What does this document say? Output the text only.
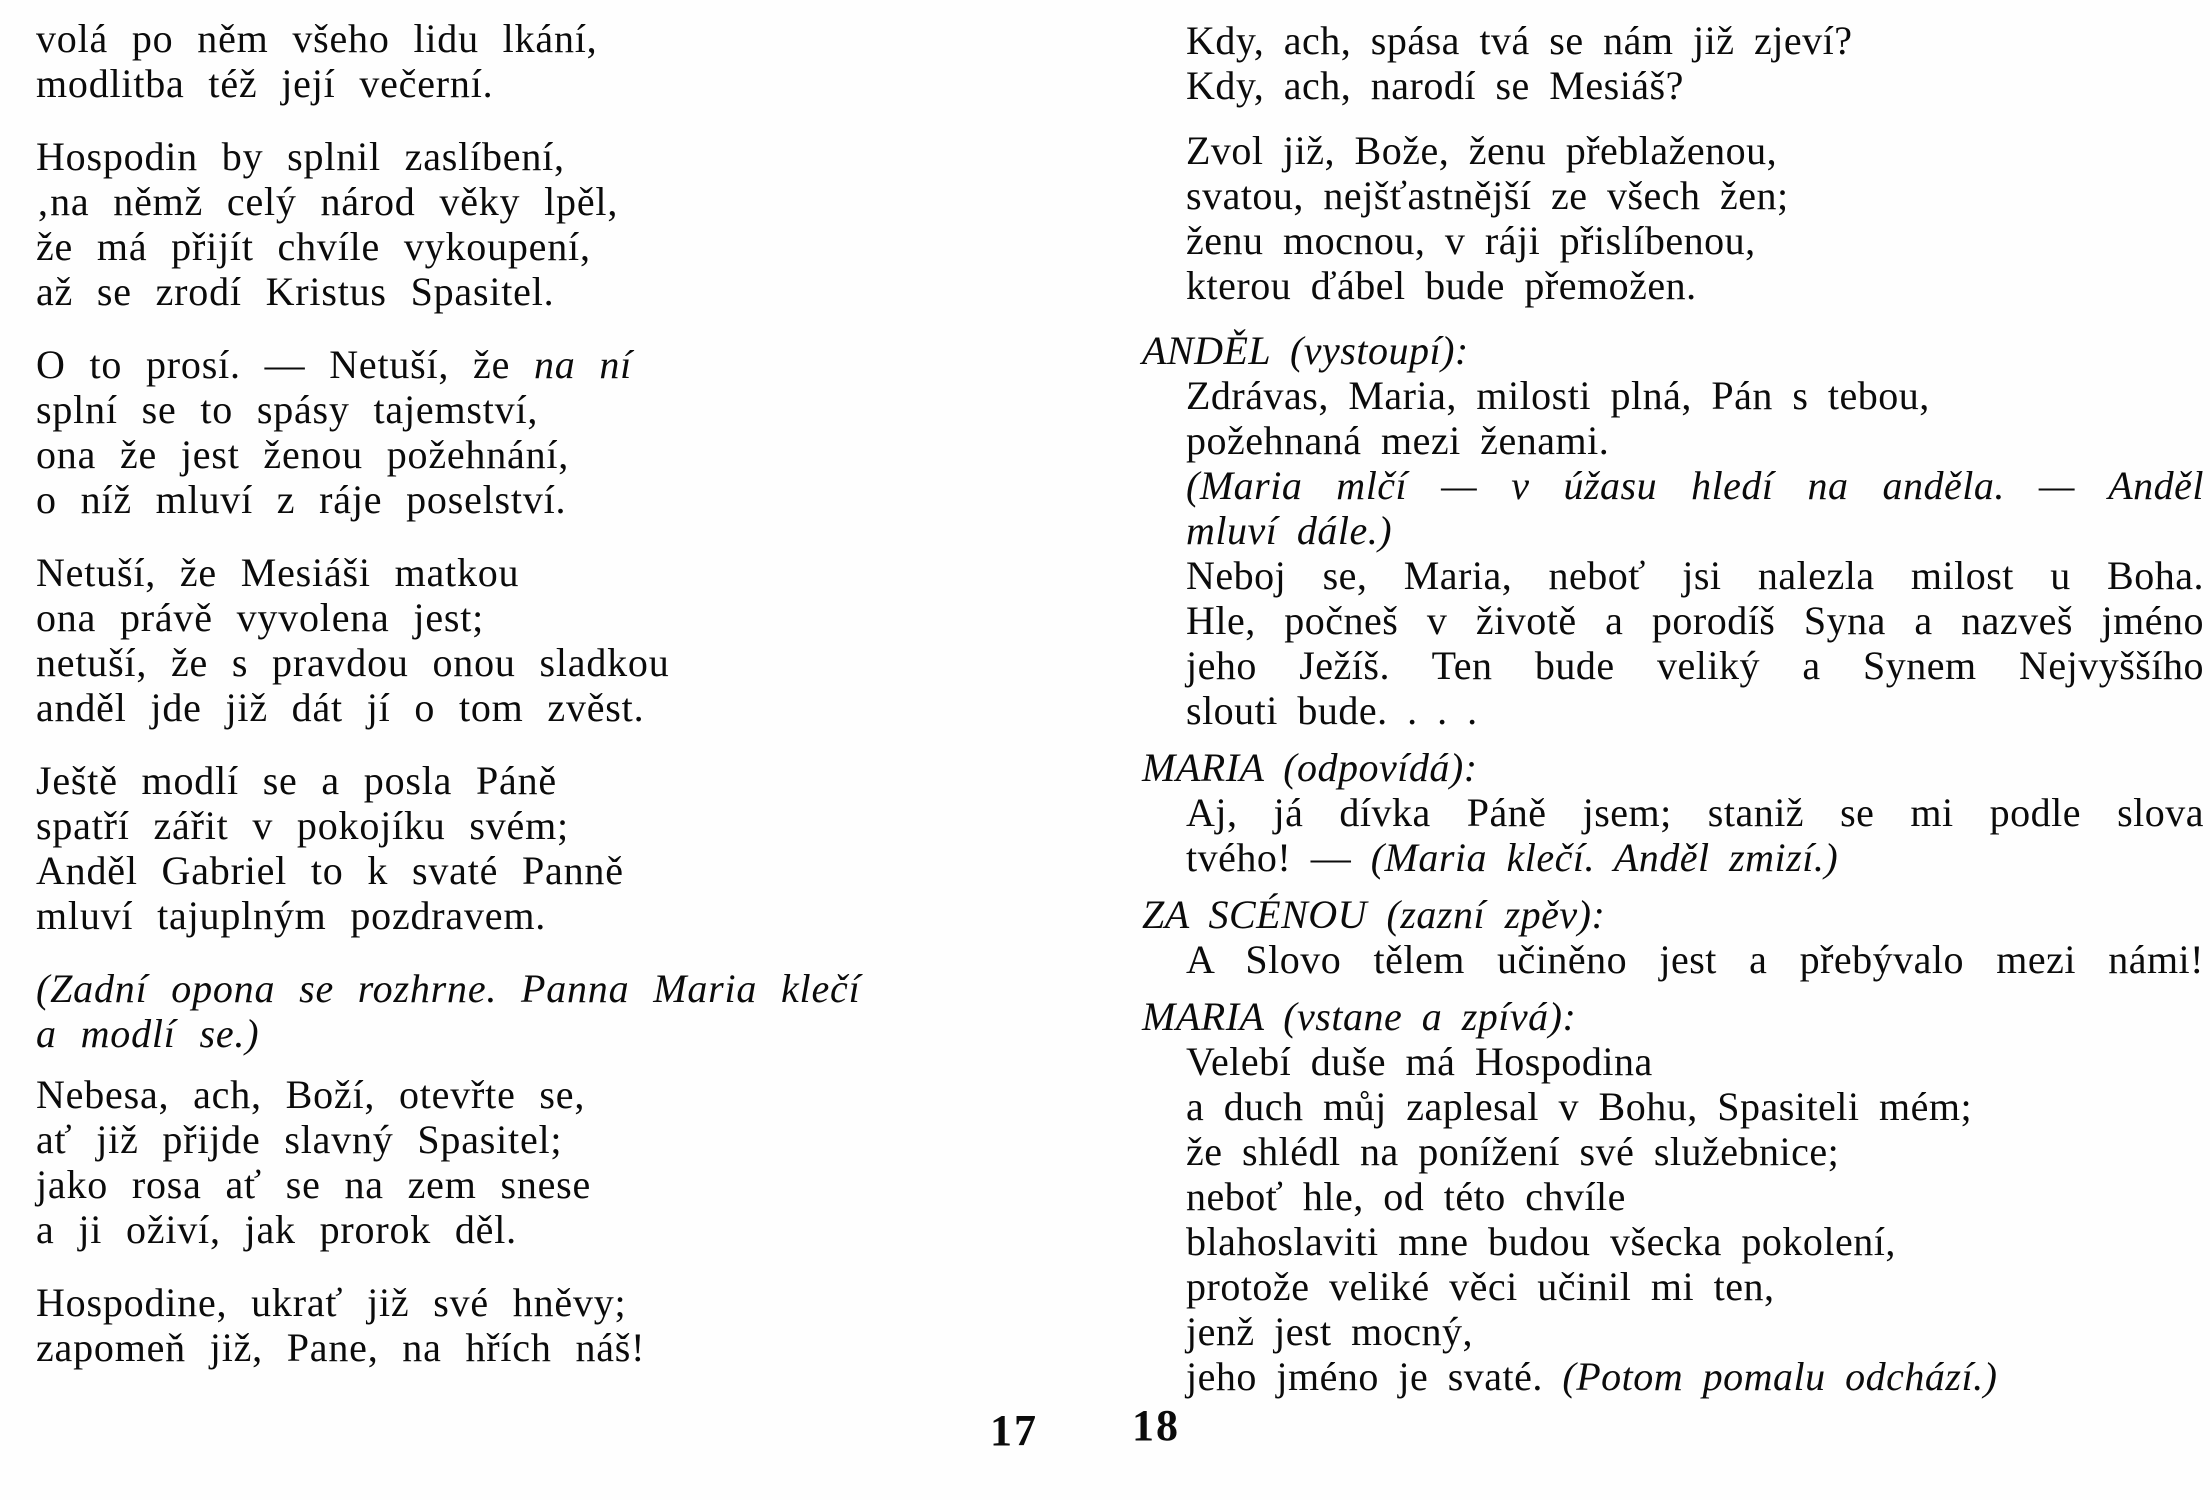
volá po něm všeho lidu lkání,
modlitba též její večerní.
Hospodin by splnil zaslíbení,
‚na němž celý národ věky lpěl,
že má přijít chvíle vykoupení,
až se zrodí Kristus Spasitel.
O to prosí. — Netuší, že na ní
splní se to spásy tajemství,
ona že jest ženou požehnání,
o níž mluví z ráje poselství.
Netuší, že Mesiáši matkou
ona právě vyvolena jest;
netuší, že s pravdou onou sladkou
anděl jde již dát jí o tom zvěst.
Ještě modlí se a posla Páně
spatří zářit v pokojíku svém;
Anděl Gabriel to k svaté Panně
mluví tajuplným pozdravem.
(Zadní opona se rozhrne. Panna Maria klečí
a modlí se.)
Nebesa, ach, Boží, otevřte se,
ať již přijde slavný Spasitel;
jako rosa ať se na zem snese
a ji oživí, jak prorok děl.
Hospodine, ukrať již své hněvy;
zapomeň již, Pane, na hřích náš!
Kdy, ach, spása tvá se nám již zjeví?
Kdy, ach, narodí se Mesiáš?
Zvol již, Bože, ženu přeblaženou,
svatou, nejšťastnější ze všech žen;
ženu mocnou, v ráji přislíbenou,
kterou ďábel bude přemožen.
ANDĚL (vystoupí):
Zdrávas, Maria, milosti plná, Pán s tebou,
požehnaná mezi ženami.
(Maria mlčí — v úžasu hledí na anděla. — Anděl
mluví dále.)
Neboj se, Maria, neboť jsi nalezla milost u Boha.
Hle, počneš v životě a porodíš Syna a nazveš jméno
jeho Ježíš. Ten bude veliký a Synem Nejvyššího
slouti bude. . . .
MARIA (odpovídá):
Aj, já dívka Páně jsem; staniž se mi podle slova
tvého! — (Maria klečí. Anděl zmizí.)
ZA SCÉNOU (zazní zpěv):
A Slovo tělem učiněno jest a přebývalo mezi námi!
MARIA (vstane a zpívá):
Velebí duše má Hospodina
a duch můj zaplesal v Bohu, Spasiteli mém;
že shlédl na ponížení své služebnice;
neboť hle, od této chvíle
blahoslaviti mne budou všecka pokolení,
protože veliké věci učinil mi ten,
jenž jest mocný,
jeho jméno je svaté. (Potom pomalu odchází.)
17 18
